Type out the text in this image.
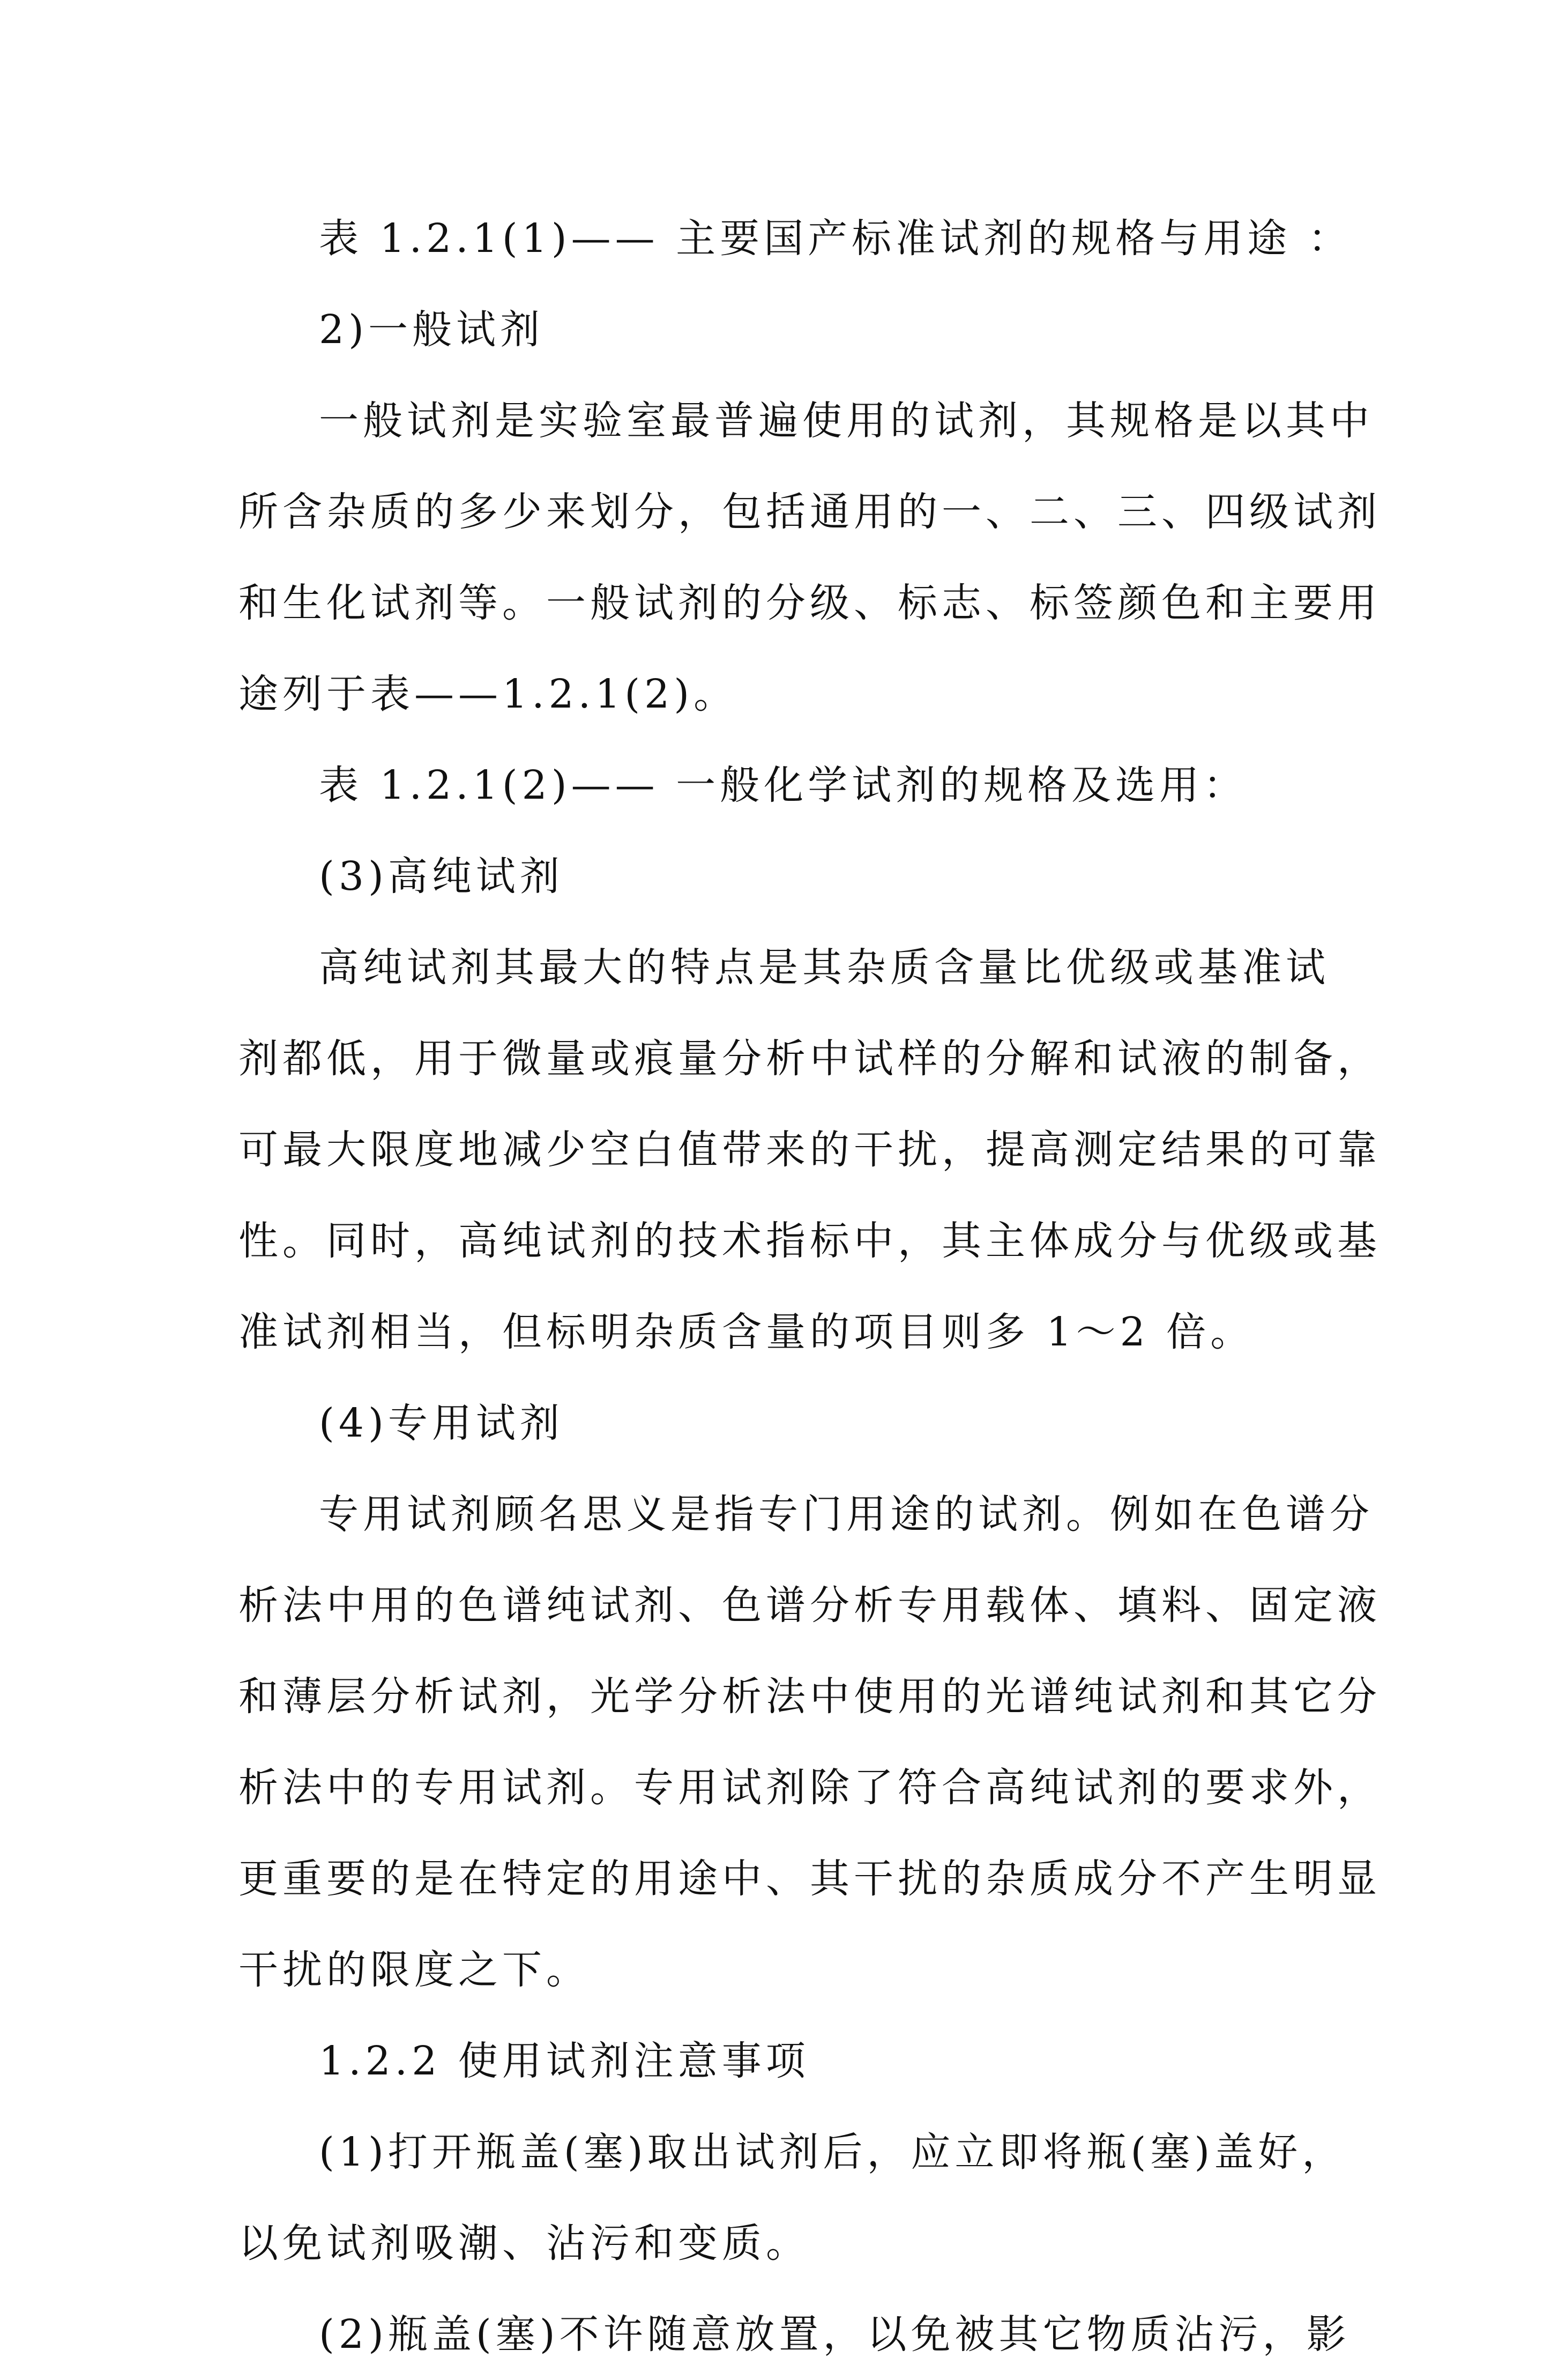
表 1.2.1(1)—— 主要国产标准试剂的规格与用途 ：
2)一般试剂
一般试剂是实验室最普遍使用的试剂，其规格是以其中
所含杂质的多少来划分，包括通用的一、二、三、四级试剂
和生化试剂等。一般试剂的分级、标志、标签颜色和主要用
途列于表——1.2.1(2)。
表 1.2.1(2)—— 一般化学试剂的规格及选用：
(3)高纯试剂
高纯试剂其最大的特点是其杂质含量比优级或基准试
剂都低，用于微量或痕量分析中试样的分解和试液的制备，
可最大限度地减少空白值带来的干扰，提高测定结果的可靠
性。同时，高纯试剂的技术指标中，其主体成分与优级或基
准试剂相当，但标明杂质含量的项目则多 1～2 倍。
(4)专用试剂
专用试剂顾名思义是指专门用途的试剂。例如在色谱分
析法中用的色谱纯试剂、色谱分析专用载体、填料、固定液
和薄层分析试剂，光学分析法中使用的光谱纯试剂和其它分
析法中的专用试剂。专用试剂除了符合高纯试剂的要求外，
更重要的是在特定的用途中、其干扰的杂质成分不产生明显
干扰的限度之下。
1.2.2 使用试剂注意事项
(1)打开瓶盖(塞)取出试剂后，应立即将瓶(塞)盖好，
以免试剂吸潮、沾污和变质。
(2)瓶盖(塞)不许随意放置，以免被其它物质沾污，影
